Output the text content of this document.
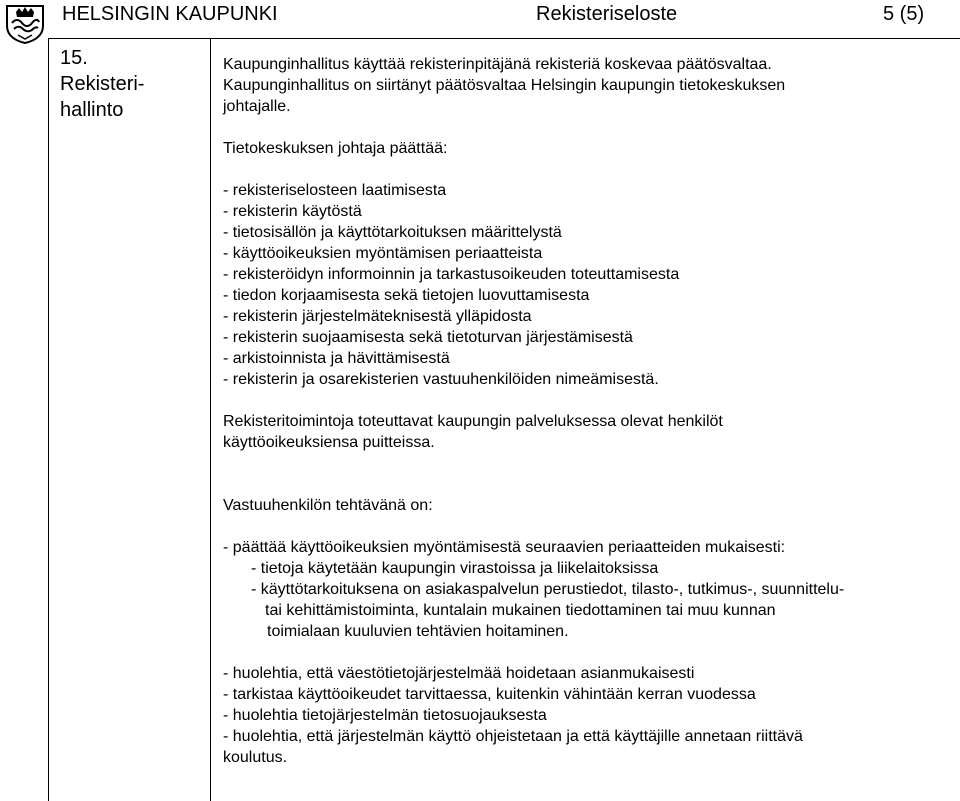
HELSINGIN KAUPUNKI	Rekisteriseloste	5 (5)
15.
Rekisteri-
hallinto

Kaupunginhallitus käyttää rekisterinpitäjänä rekisteriä koskevaa päätösvaltaa.

Kaupunginhallitus on siirtänyt päätösvaltaa Helsingin kaupungin tietokeskuksen

johtajalle.

Tietokeskuksen johtaja päättää:

- rekisteriselosteen laatimisesta
- rekisterin käytöstä
- tietosisällön ja käyttötarkoituksen määrittelystä
- käyttöoikeuksien myöntämisen periaatteista
- rekisteröidyn informoinnin ja tarkastusoikeuden toteuttamisesta
- tiedon korjaamisesta sekä tietojen luovuttamisesta
- rekisterin järjestelmäteknisestä ylläpidosta
- rekisterin suojaamisesta sekä tietoturvan järjestämisestä
- arkistoinnista ja hävittämisestä
- rekisterin ja osarekisterien vastuuhenkilöiden nimeämisestä.

Rekisteritoimintoja toteuttavat kaupungin palveluksessa olevat henkilöt

käyttöoikeuksiensa puitteissa.

Vastuuhenkilön tehtävänä on:

- päättää käyttöoikeuksien myöntämisestä seuraavien periaatteiden mukaisesti:

- tietoja käytetään kaupungin virastoissa ja liikelaitoksissa

- käyttötarkoituksena on asiakaspalvelun perustiedot, tilasto-, tutkimus-, suunnittelu-

tai kehittämistoiminta, kuntalain mukainen tiedottaminen tai muu kunnan

toimialaan kuuluvien tehtävien hoitaminen.

- huolehtia, että väestötietojärjestelmää hoidetaan asianmukaisesti
- tarkistaa käyttöoikeudet tarvittaessa, kuitenkin vähintään kerran vuodessa
- huolehtia tietojärjestelmän tietosuojauksesta
- huolehtia, että järjestelmän käyttö ohjeistetaan ja että käyttäjille annetaan riittävä

koulutus.
